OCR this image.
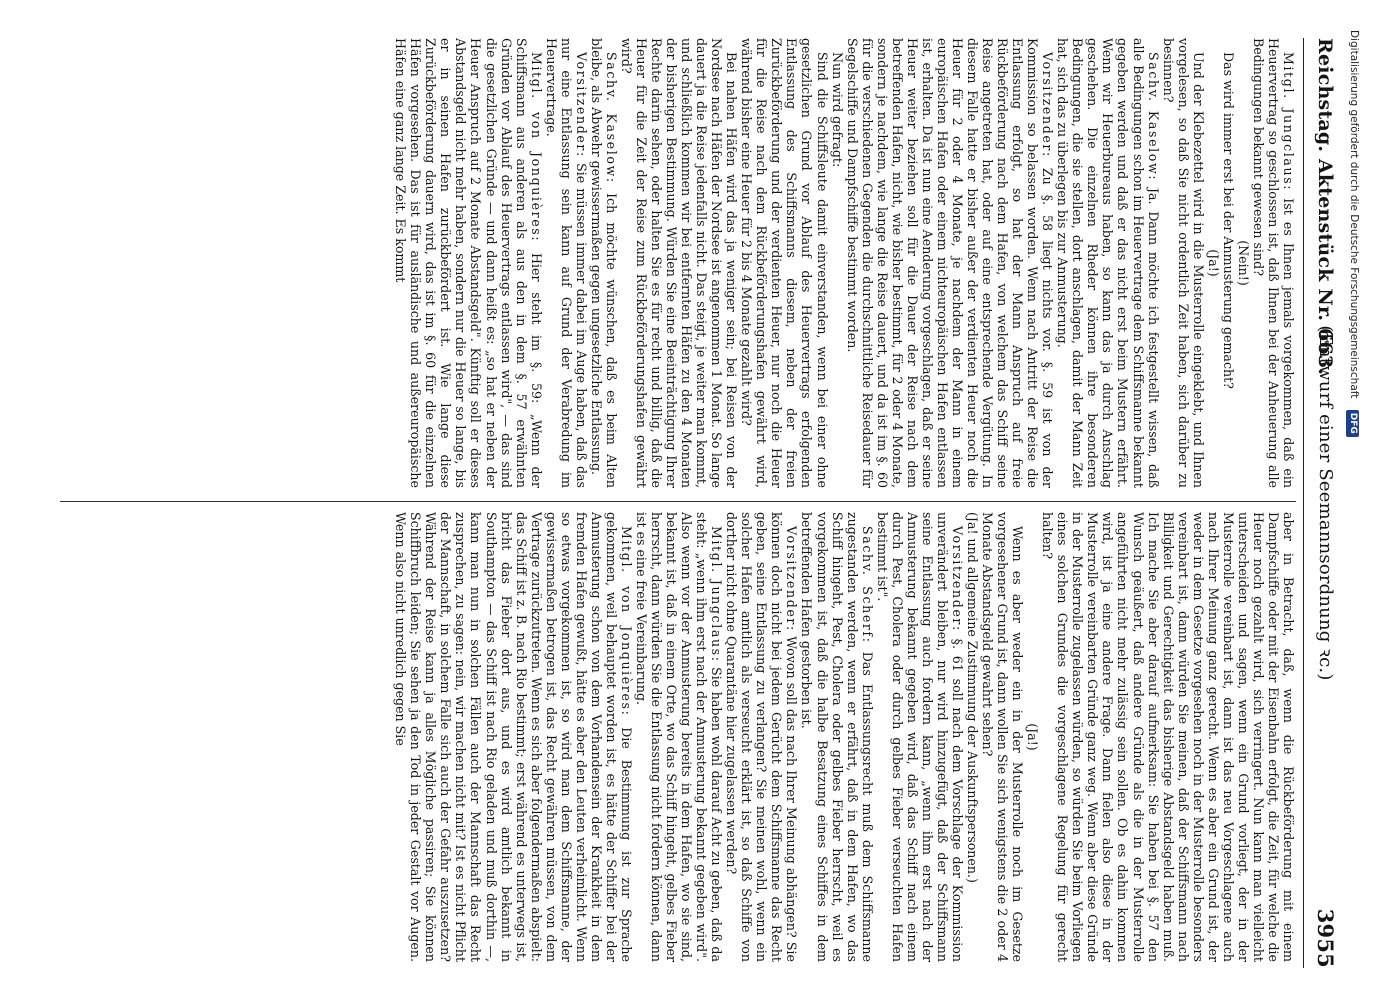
Reichstag. Aktenstück Nr. 663.
(Entwurf einer Seemannsordnung ꝛc.)
3955

Mitgl. Jungclaus: Ist es Ihnen jemals vorgekommen, daß ein Heuervertrag so geschlossen ist, daß Ihnen bei der Anheuerung alle Bedingungen bekannt gewesen sind?

(Nein!)

Das wird immer erst bei der Anmusterung gemacht?

(Ja!)

Und der Klebezettel wird in die Musterrolle eingeklebt, und Ihnen vorgelesen, so daß Sie nicht ordentlich Zeit haben, sich darüber zu besinnen?

Sachv. Kaselow: Ja. Dann möchte ich festgestellt wissen, daß alle Bedingungen schon im Heuervertrage dem Schiffsmanne bekannt gegeben werden und daß er das nicht erst beim Mustern erfährt. Wenn wir Heuerbureaus haben, so kann das ja durch Anschlag geschehen. Die einzelnen Rheder können ihre besonderen Bedingungen, die sie stellen, dort anschlagen, damit der Mann Zeit hat, sich das zu überlegen bis zur Anmusterung.

Vorsitzender: Zu §. 58 liegt nichts vor. §. 59 ist von der Kommission so belassen worden. Wenn nach Antritt der Reise die Entlassung erfolgt, so hat der Mann Anspruch auf freie Rückbeförderung nach dem Hafen, von welchem das Schiff seine Reise angetreten hat, oder auf eine entsprechende Vergütung. In diesem Falle hatte er bisher außer der verdienten Heuer noch die Heuer für 2 oder 4 Monate, je nachdem der Mann in einem europäischen Hafen oder einem nichteuropäischen Hafen entlassen ist, erhalten. Da ist nun eine Aenderung vorgeschlagen, daß er seine Heuer weiter beziehen soll für die Dauer der Reise nach dem betreffenden Hafen, nicht, wie bisher bestimmt, für 2 oder 4 Monate, sondern je nachdem, wie lange die Reise dauert, und da ist im §. 60 für die verschiedenen Gegenden die durchschnittliche Reisedauer für Segelschiffe und Dampfschiffe bestimmt worden.

Nun wird gefragt:

Sind die Schiffsleute damit einverstanden, wenn bei einer ohne gesetzlichen Grund vor Ablauf des Heuervertrags erfolgenden Entlassung des Schiffsmanns diesem, neben der freien Zurückbeförderung und der verdienten Heuer, nur noch die Heuer für die Reise nach dem Rückbeförderungshafen gewährt wird, während bisher eine Heuer für 2 bis 4 Monate gezahlt wird?

Bei nahen Häfen wird das ja weniger sein; bei Reisen von der Nordsee nach Häfen der Nordsee ist angenommen 1 Monat. So lange dauert ja die Reise jedenfalls nicht. Das steigt, je weiter man kommt, und schließlich kommen wir bei entfernten Häfen zu den 4 Monaten der bisherigen Bestimmung. Würden Sie eine Beeinträchtigung Ihrer Rechte darin sehen, oder halten Sie es für recht und billig, daß die Heuer für die Zeit der Reise zum Rückbeförderungshafen gewährt wird?

Sachv. Kaselow: Ich möchte wünschen, daß es beim Alten bleibe, als Abwehr gewissermaßen gegen ungesetzliche Entlassung.

Vorsitzender: Sie müssen immer dabei im Auge haben, daß das nur eine Entlassung sein kann auf Grund der Verabredung im Heuervertrage.

Mitgl. von Jonquières: Hier steht im §. 59: „Wenn der Schiffsmann aus anderen als aus den in dem §. 57 erwähnten Gründen vor Ablauf des Heuervertrags entlassen wird", — das sind die gesetzlichen Gründe — und dann heißt es: „so hat er neben der Heuer Anspruch auf 2 Monate Abstandsgeld". Künftig soll er dieses Abstandsgeld nicht mehr haben, sondern nur die Heuer so lange, bis er in seinen Hafen zurückbefördert ist. Wie lange diese Zurückbeförderung dauern wird, das ist im §. 60 für die einzelnen Häfen vorgesehen. Das ist für ausländische und außereuropäische Häfen eine ganz lange Zeit. Es kommt

aber in Betracht, daß, wenn die Rückbeförderung mit einem Dampfschiffe oder mit der Eisenbahn erfolgt, die Zeit, für welche die Heuer noch gezahlt wird, sich verringert. Nun kann man vielleicht unterscheiden und sagen, wenn ein Grund vorliegt, der in der Musterrolle vereinbart ist, dann ist das neu Vorgeschlagene auch nach Ihrer Meinung ganz gerecht. Wenn es aber ein Grund ist, der weder in dem Gesetze vorgesehen noch in der Musterrolle besonders vereinbart ist, dann würden Sie meinen, daß der Schiffsmann nach Billigkeit und Gerechtigkeit das bisherige Abstandsgeld haben muß. Ich mache Sie aber darauf aufmerksam: Sie haben bei §. 57 den Wunsch geäußert, daß andere Gründe als die in der Musterrolle angeführten nicht mehr zulässig sein sollen. Ob es dahin kommen wird, ist ja eine andere Frage. Dann fielen also diese in der Musterrolle vereinbarten Gründe ganz weg. Wenn aber diese Gründe in der Musterrolle zugelassen würden, so würden Sie beim Vorliegen eines solchen Grundes die vorgeschlagene Regelung für gerecht halten?

(Ja!)

Wenn es aber weder ein in der Musterrolle noch im Gesetze vorgesehener Grund ist, dann wollen Sie sich wenigstens die 2 oder 4 Monate Abstandsgeld gewahrt sehen?

(Ja! und allgemeine Zustimmung der Auskunftspersonen.)

Vorsitzender: §. 61 soll nach dem Vorschlage der Kommission unverändert bleiben, nur wird hinzugefügt, daß der Schiffsmann seine Entlassung auch fordern kann, „wenn ihm erst nach der Anmusterung bekannt gegeben wird, daß das Schiff nach einem durch Pest, Cholera oder durch gelbes Fieber verseuchten Hafen bestimmt ist".

Sachv. Scherf: Das Entlassungsrecht muß dem Schiffsmanne zugestanden werden, wenn er erfährt, daß in dem Hafen, wo das Schiff hingeht, Pest, Cholera oder gelbes Fieber herrscht, weil es vorgekommen ist, daß die halbe Besatzung eines Schiffes in dem betreffenden Hafen gestorben ist.

Vorsitzender: Wovon soll das nach Ihrer Meinung abhängen? Sie können doch nicht bei jedem Gerücht dem Schiffsmanne das Recht geben, seine Entlassung zu verlangen? Sie meinen wohl, wenn ein solcher Hafen amtlich als verseucht erklärt ist, so daß Schiffe von dorther nicht ohne Quarantäne hier zugelassen werden?

Mitgl. Jungclaus: Sie haben wohl darauf Acht zu geben, daß da steht: „wenn ihm erst nach der Anmusterung bekannt gegeben wird". Also wenn vor der Anmusterung bereits in dem Hafen, wo sie sind, bekannt ist, daß in einem Orte, wo das Schiff hingeht, gelbes Fieber herrscht, dann würden Sie die Entlassung nicht fordern können, dann ist es eine freie Vereinbarung.

Mitgl. von Jonquières: Die Bestimmung ist zur Sprache gekommen, weil behauptet worden ist, es hätte der Schiffer bei der Anmusterung schon von dem Vorhandensein der Krankheit in dem fremden Hafen gewußt, hätte es aber den Leuten verheimlicht. Wenn so etwas vorgekommen ist, so wird man dem Schiffsmanne, der gewissermaßen betrogen ist, das Recht gewähren müssen, von dem Vertrage zurückzutreten. Wenn es sich aber folgendermaßen abspielt: das Schiff ist z. B. nach Rio bestimmt; erst während es unterwegs ist, bricht das Fieber dort aus, und es wird amtlich bekannt in Southampton — das Schiff ist nach Rio geladen und muß dorthin —, kann man nun in solchen Fällen auch der Mannschaft das Recht zusprechen, zu sagen: nein, wir machen nicht mit? Ist es nicht Pflicht der Mannschaft, in solchem Falle sich auch der Gefahr auszusetzen? Während der Reise kann ja alles Mögliche passiren; Sie können Schiffbruch leiden; Sie sehen ja den Tod in jeder Gestalt vor Augen. Wenn also nicht unredlich gegen Sie

Digitalisierung gefördert durch die Deutsche Forschungsgemeinschaft DFG
